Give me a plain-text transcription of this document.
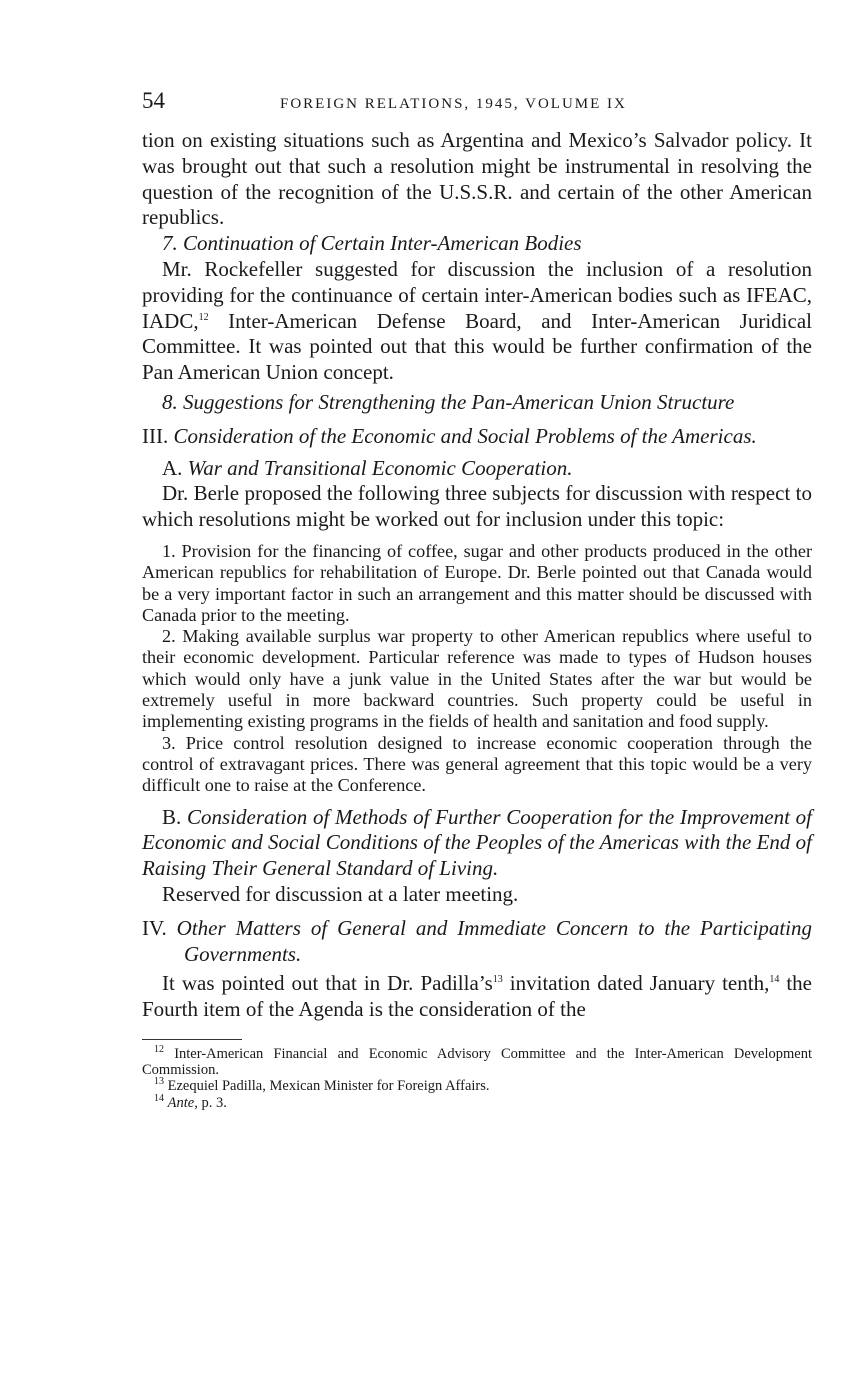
54	FOREIGN RELATIONS, 1945, VOLUME IX

tion on existing situations such as Argentina and Mexico’s Salvador policy. It was brought out that such a resolution might be instrumental in resolving the question of the recognition of the U.S.S.R. and certain of the other American republics.

7. Continuation of Certain Inter-American Bodies

Mr. Rockefeller suggested for discussion the inclusion of a resolution providing for the continuance of certain inter-American bodies such as IFEAC, IADC,$^{12}$ Inter-American Defense Board, and Inter-American Juridical Committee. It was pointed out that this would be further confirmation of the Pan American Union concept.

8. Suggestions for Strengthening the Pan-American Union Structure

III. Consideration of the Economic and Social Problems of the Americas.

A. War and Transitional Economic Cooperation.

Dr. Berle proposed the following three subjects for discussion with respect to which resolutions might be worked out for inclusion under this topic:

1. Provision for the financing of coffee, sugar and other products produced in the other American republics for rehabilitation of Europe. Dr. Berle pointed out that Canada would be a very important factor in such an arrangement and this matter should be discussed with Canada prior to the meeting.

2. Making available surplus war property to other American republics where useful to their economic development. Particular reference was made to types of Hudson houses which would only have a junk value in the United States after the war but would be extremely useful in more backward countries. Such property could be useful in implementing existing programs in the fields of health and sanitation and food supply.

3. Price control resolution designed to increase economic cooperation through the control of extravagant prices. There was general agreement that this topic would be a very difficult one to raise at the Conference.

B. Consideration of Methods of Further Cooperation for the Improvement of Economic and Social Conditions of the Peoples of the Americas with the End of Raising Their General Standard of Living.

Reserved for discussion at a later meeting.

IV. Other Matters of General and Immediate Concern to the Participating Governments.

It was pointed out that in Dr. $Padilla’s^{13}$ invitation dated January tenth,$^{14}$ the Fourth item of the Agenda is the consideration of the

$^{12}$ Inter-American Financial and Economic Advisory Committee and the Inter-American Development Commission.

$^{13}$ Ezequiel Padilla, Mexican Minister for Foreign Affairs.

$^{14}$ Ante, p. 3.
